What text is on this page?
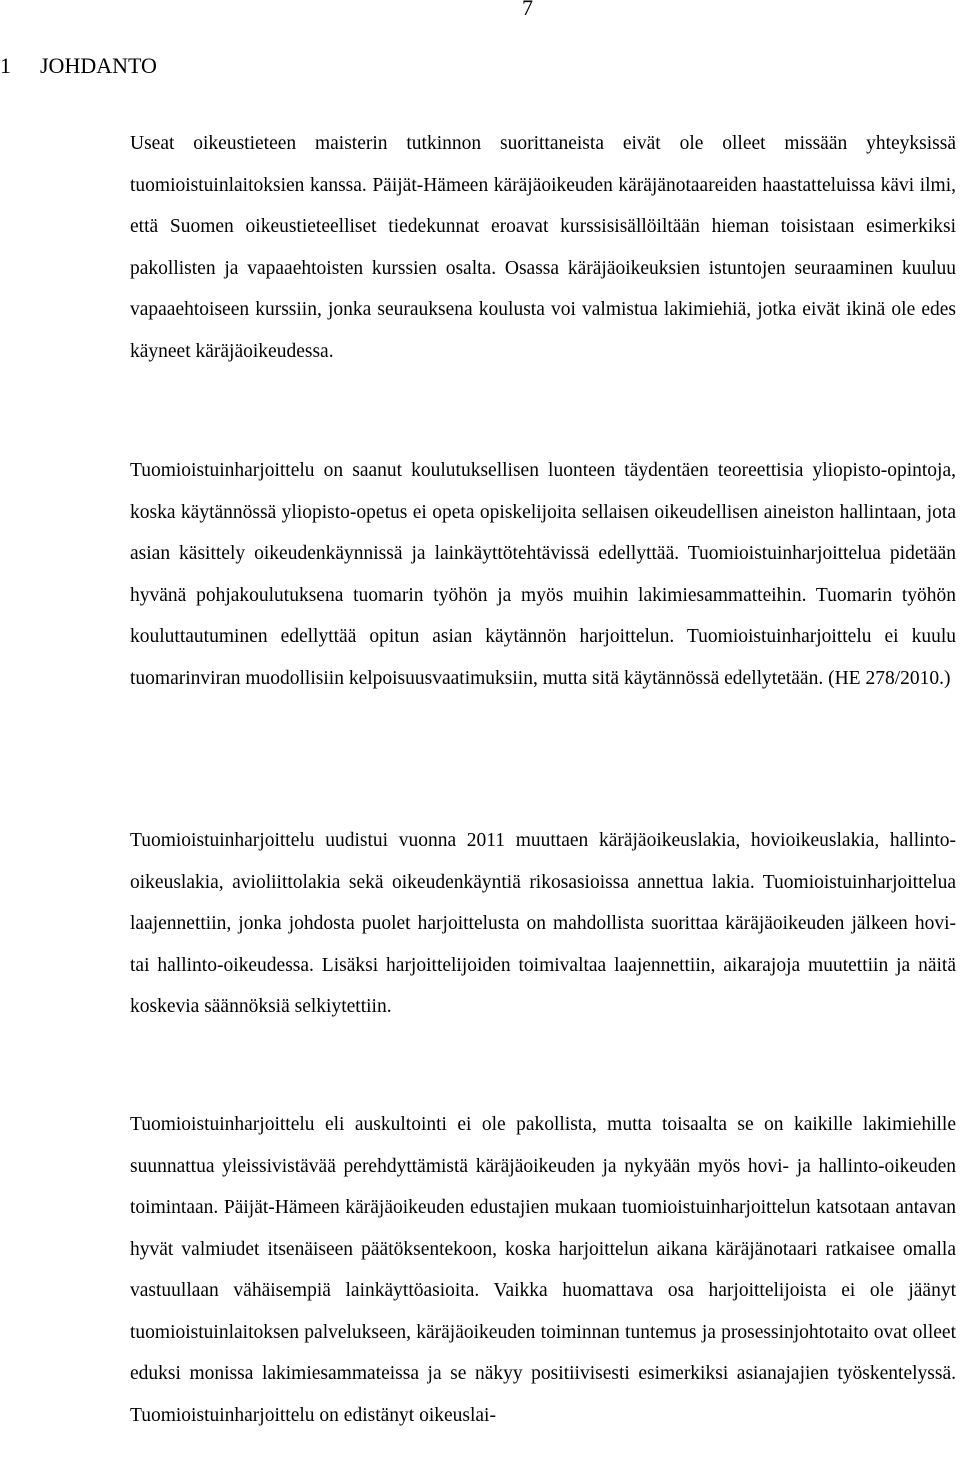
7
1 JOHDANTO

Useat oikeustieteen maisterin tutkinnon suorittaneista eivät ole olleet missään yhteyksissä tuomioistuinlaitoksien kanssa. Päijät-Hämeen käräjäoikeuden käräjänotaareiden haastatteluissa kävi ilmi, että Suomen oikeustieteelliset tiedekunnat eroavat kurssisisällöiltään hieman toisistaan esimerkiksi pakollisten ja vapaaehtoisten kurssien osalta. Osassa käräjäoikeuksien istuntojen seuraaminen kuuluu vapaaehtoiseen kurssiin, jonka seurauksena koulusta voi valmistua lakimiehiä, jotka eivät ikinä ole edes käyneet käräjäoikeudessa.

Tuomioistuinharjoittelu on saanut koulutuksellisen luonteen täydentäen teoreettisia yliopisto-opintoja, koska käytännössä yliopisto-opetus ei opeta opiskelijoita sellaisen oikeudellisen aineiston hallintaan, jota asian käsittely oikeudenkäynnissä ja lainkäyttötehtävissä edellyttää. Tuomioistuinharjoittelua pidetään hyvänä pohjakoulutuksena tuomarin työhön ja myös muihin lakimiesammatteihin. Tuomarin työhön kouluttautuminen edellyttää opitun asian käytännön harjoittelun. Tuomioistuinharjoittelu ei kuulu tuomarinviran muodollisiin kelpoisuusvaatimuksiin, mutta sitä käytännössä edellytetään. (HE 278/2010.)

Tuomioistuinharjoittelu uudistui vuonna 2011 muuttaen käräjäoikeuslakia, hovioikeuslakia, hallinto-oikeuslakia, avioliittolakia sekä oikeudenkäyntiä rikosasioissa annettua lakia. Tuomioistuinharjoittelua laajennettiin, jonka johdosta puolet harjoittelusta on mahdollista suorittaa käräjäoikeuden jälkeen hovi- tai hallinto-oikeudessa. Lisäksi harjoittelijoiden toimivaltaa laajennettiin, aikarajoja muutettiin ja näitä koskevia säännöksiä selkiytettiin.

Tuomioistuinharjoittelu eli auskultointi ei ole pakollista, mutta toisaalta se on kaikille lakimiehille suunnattua yleissivistävää perehdyttämistä käräjäoikeuden ja nykyään myös hovi- ja hallinto-oikeuden toimintaan. Päijät-Hämeen käräjäoikeuden edustajien mukaan tuomioistuinharjoittelun katsotaan antavan hyvät valmiudet itsenäiseen päätöksentekoon, koska harjoittelun aikana käräjänotaari ratkaisee omalla vastuullaan vähäisempiä lainkäyttöasioita. Vaikka huomattava osa harjoittelijoista ei ole jäänyt tuomioistuinlaitoksen palvelukseen, käräjäoikeuden toiminnan tuntemus ja prosessinjohtotaito ovat olleet eduksi monissa lakimiesammateissa ja se näkyy positiivisesti esimerkiksi asianajajien työskentelyssä. Tuomioistuinharjoittelu on edistänyt oikeuslai-
